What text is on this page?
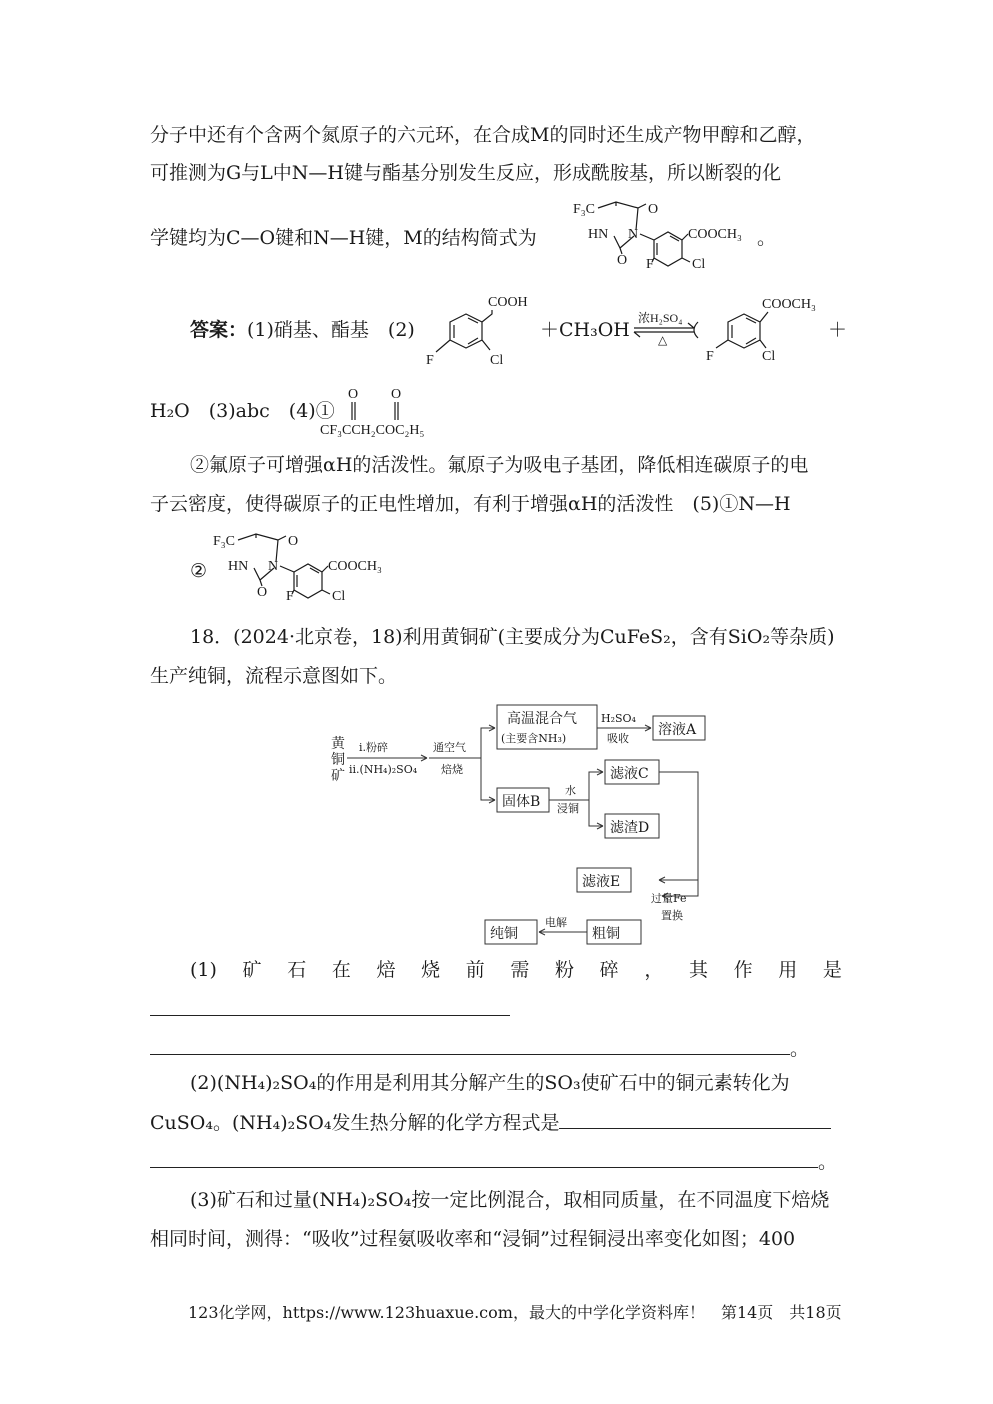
分子中还有个含两个氮原子的六元环，在合成M的同时还生成产物甲醇和乙醇，
可推测为G与L中N—H键与酯基分别发生反应，形成酰胺基，所以断裂的化
学键均为C—O键和N—H键，M的结构简式为	。
F₃C	O
HN N
O
COOCH₃
F	Cl
答案：(1)硝基、酯基　(2)
COOH
F	Cl
＋CH₃OH
浓H₂SO₄
△
COOCH₃
F	Cl
＋
H₂O　(3)abc　(4)①
O O
CF₃CCH₂COC₂H₅
②氟原子可增强αH的活泼性。氟原子为吸电子基团，降低相连碳原子的电
子云密度，使得碳原子的正电性增加，有利于增强αH的活泼性　(5)①N—H
②
F₃C	O
HN N
O
COOCH₃
F	Cl
18．(2024·北京卷，18)利用黄铜矿(主要成分为CuFeS₂，含有SiO₂等杂质)
生产纯铜，流程示意图如下。
黄
铜
矿
ⅰ.粉碎
ⅱ.(NH₄)₂SO₄
通空气
焙烧
高温混合气
(主要含NH₃)
H₂SO₄
吸收
溶液A
固体B
水
浸铜
滤液C
滤渣D
过量Fe
置换
滤液E
粗铜
电解
纯铜
(1) 矿 石 在 焙 烧 前 需 粉 碎 ， 其 作 用 是
。
(2)(NH₄)₂SO₄的作用是利用其分解产生的SO₃使矿石中的铜元素转化为
CuSO₄。(NH₄)₂SO₄发生热分解的化学方程式是
。
(3)矿石和过量(NH₄)₂SO₄按一定比例混合，取相同质量，在不同温度下焙烧
相同时间，测得：“吸收”过程氨吸收率和“浸铜”过程铜浸出率变化如图；400
123化学网，https://www.123huaxue.com，最大的中学化学资料库！　第14页　共18页
